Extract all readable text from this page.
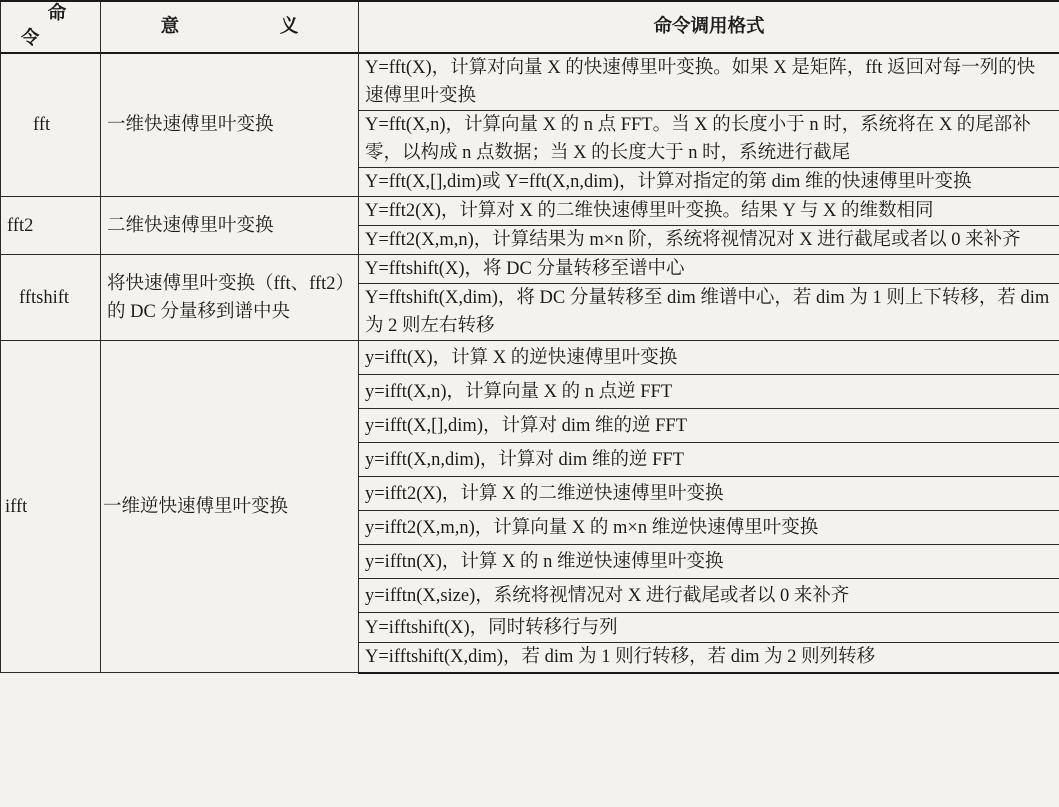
命 令	意 义	命令调用格式
fft	一维快速傅里叶变换	Y=fft(X)，计算对向量 X 的快速傅里叶变换。如果 X 是矩阵，fft 返回对每一列的快速傅里叶变换
		Y=fft(X,n)，计算向量 X 的 n 点 FFT。当 X 的长度小于 n 时，系统将在 X 的尾部补零，以构成 n 点数据；当 X 的长度大于 n 时，系统进行截尾
		Y=fft(X,[],dim)或 Y=fft(X,n,dim)，计算对指定的第 dim 维的快速傅里叶变换
fft2	二维快速傅里叶变换	Y=fft2(X)，计算对 X 的二维快速傅里叶变换。结果 Y 与 X 的维数相同
		Y=fft2(X,m,n)，计算结果为 m×n 阶，系统将视情况对 X 进行截尾或者以 0 来补齐
fftshift	将快速傅里叶变换（fft、fft2）的 DC 分量移到谱中央	Y=fftshift(X)，将 DC 分量转移至谱中心
		Y=fftshift(X,dim)，将 DC 分量转移至 dim 维谱中心，若 dim 为 1 则上下转移，若 dim 为 2 则左右转移
ifft	一维逆快速傅里叶变换	y=ifft(X)，计算 X 的逆快速傅里叶变换
		y=ifft(X,n)，计算向量 X 的 n 点逆 FFT
		y=ifft(X,[],dim)，计算对 dim 维的逆 FFT
		y=ifft(X,n,dim)，计算对 dim 维的逆 FFT
		y=ifft2(X)，计算 X 的二维逆快速傅里叶变换
		y=ifft2(X,m,n)，计算向量 X 的 m×n 维逆快速傅里叶变换
		y=ifftn(X)，计算 X 的 n 维逆快速傅里叶变换
		y=ifftn(X,size)，系统将视情况对 X 进行截尾或者以 0 来补齐
		Y=ifftshift(X)，同时转移行与列
		Y=ifftshift(X,dim)，若 dim 为 1 则行转移，若 dim 为 2 则列转移
